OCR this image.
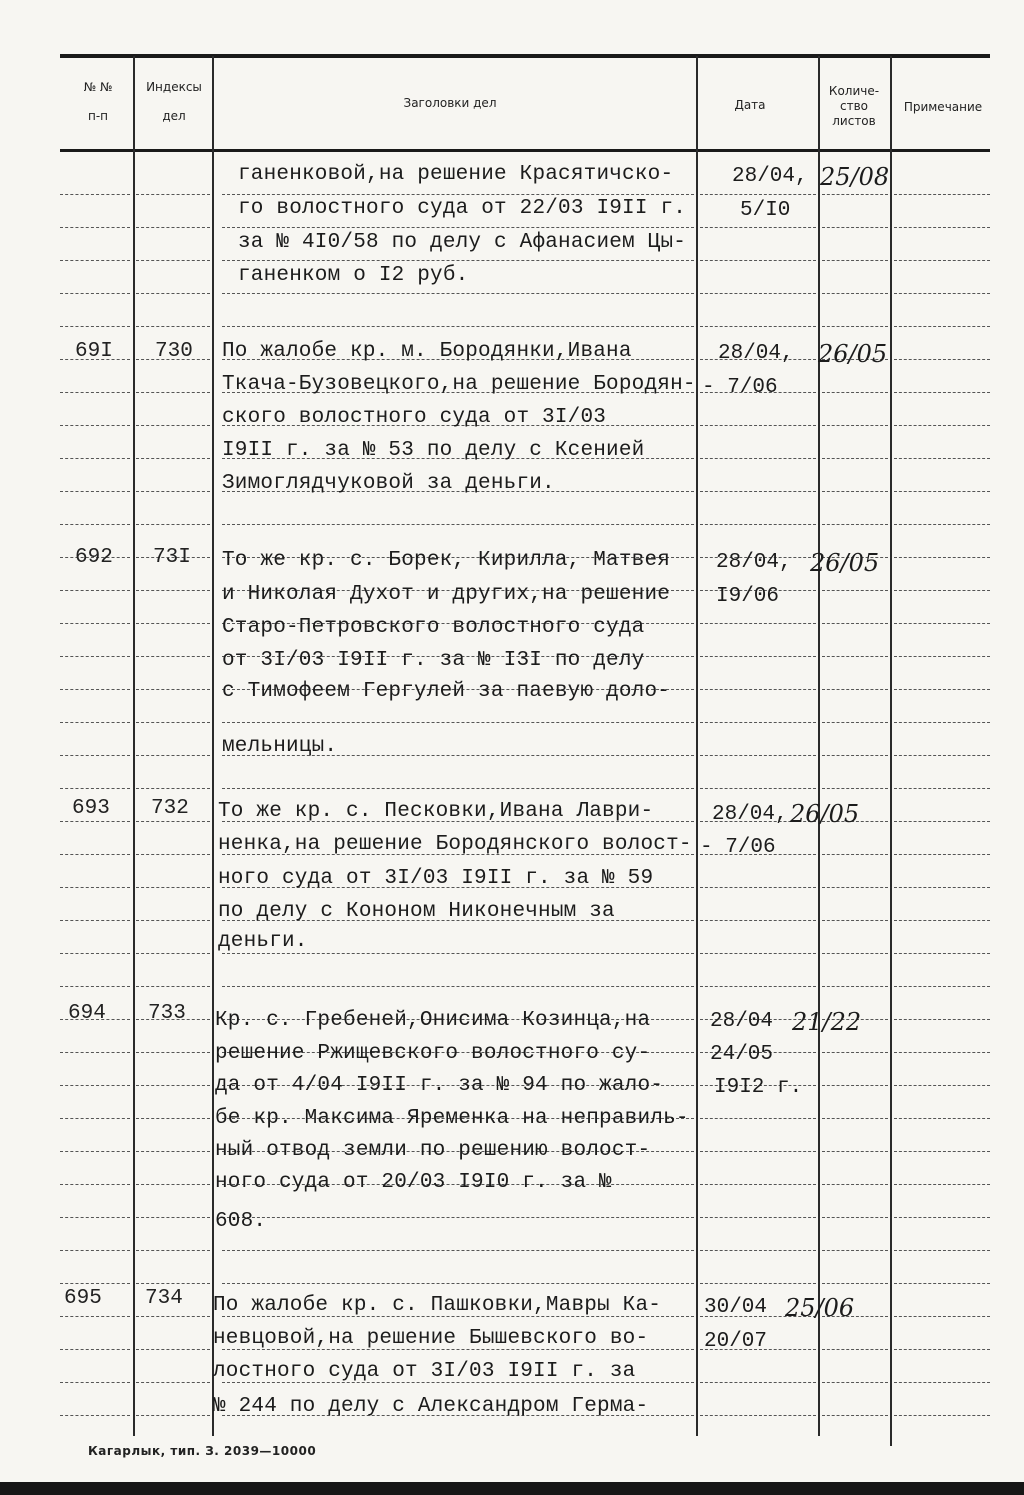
№ №
п-п
Индексы
дел
Заголовки дел	Дата
Количе-
ство
листов
Примечание
ганенковой,на решение Красятичско-
го волостного суда от 22/03 I9II г.
за № 4I0/58 по делу с Афанасием Цы-
ганенком о I2 руб.
28/04,
5/I0
25/08
69I 730 По жалобе кр. м. Бородянки,Ивана
Ткача-Бузовецкого,на решение Бородян-
ского волостного суда от 3I/03
I9II г. за № 53 по делу с Ксенией
Зимоглядчуковой за деньги.
28/04,
- 7/06
26/05
692 73I То же кр. с. Борек, Кирилла, Матвея
и Николая Духот и других,на решение
Старо-Петровского волостного суда
от 3I/03 I9II г. за № I3I по делу
с Тимофеем Гергулей за паевую доло-
мельницы.
28/04,
I9/06
26/05
693 732 То же кр. с. Песковки,Ивана Лаври-
ненка,на решение Бородянского волост-
ного суда от 3I/03 I9II г. за № 59
по делу с Кононом Никонечным за
деньги.
28/04,
- 7/06
26/05
694 733 Кр. с. Гребеней,Онисима Козинца,на
решение Ржищевского волостного су-
да от 4/04 I9II г. за № 94 по жало-
бе кр. Максима Яременка на неправиль-
ный отвод земли по решению волост-
ного суда от 20/03 I9I0 г. за №
608.
28/04
24/05
I9I2 г.
21/22
695 734 По жалобе кр. с. Пашковки,Мавры Ка-
невцовой,на решение Бышевского во-
лостного суда от 3I/03 I9II г. за
№ 244 по делу с Александром Герма-
30/04
20/07
25/06
Кагарлык, тип. З. 2039—10000
